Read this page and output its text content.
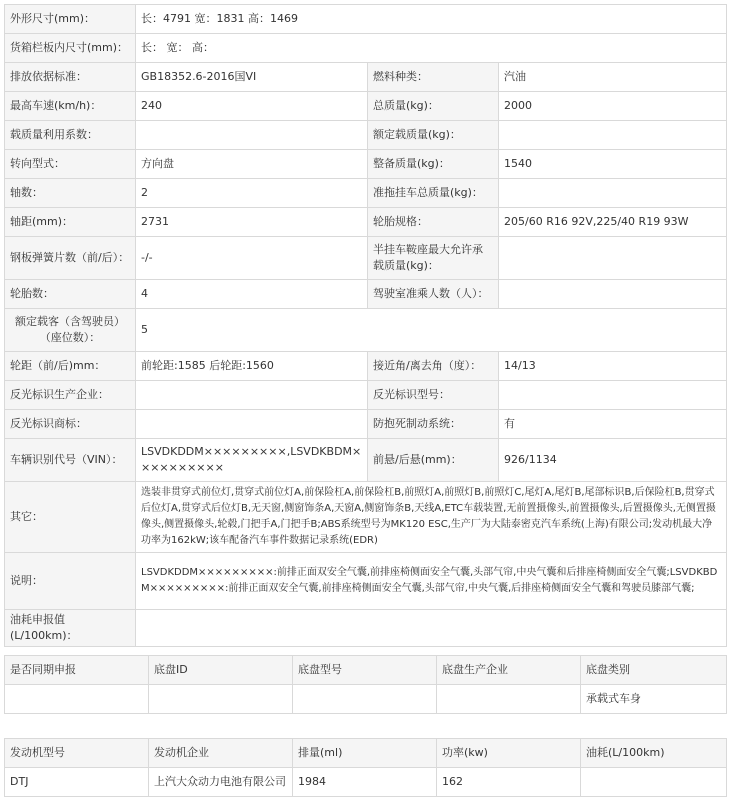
外形尺寸(mm)：	长：4791 宽：1831 高：1469		
货箱栏板内尺寸(mm)：	长： 宽： 高：		
排放依据标准：	GB18352.6-2016国VI	燃料种类：	汽油
最高车速(km/h)：	240	总质量(kg)：	2000
载质量利用系数：		额定载质量(kg)：	
转向型式：	方向盘	整备质量(kg)：	1540
轴数：	2	准拖挂车总质量(kg)：	
轴距(mm)：	2731	轮胎规格：	205/60 R16 92V,225/40 R19 93W
钢板弹簧片数（前/后）：	-/-	半挂车鞍座最大允许承载质量(kg)：	
轮胎数：	4	驾驶室准乘人数（人）：	
额定载客（含驾驶员）（座位数）：	5		
轮距（前/后)mm：	前轮距:1585 后轮距:1560	接近角/离去角（度）：	14/13
反光标识生产企业：		反光标识型号：	
反光标识商标：		防抱死制动系统：	有
车辆识别代号（VIN）：	LSVDKDDM×××××××××,LSVDKBDM××××××××××	前悬/后悬(mm)：	926/1134
其它：	选装非贯穿式前位灯,贯穿式前位灯A,前保险杠A,前保险杠B,前照灯A,前照灯B,前照灯C,尾灯A,尾灯B,尾部标识B,后保险杠B,贯穿式后位灯A,贯穿式后位灯B,无天窗,侧窗饰条A,天窗A,侧窗饰条B,天线A,ETC车载装置,无前置摄像头,前置摄像头,后置摄像头,无侧置摄像头,侧置摄像头,轮毂,门把手A,门把手B;ABS系统型号为MK120 ESC,生产厂为大陆泰密克汽车系统(上海)有限公司;发动机最大净功率为162kW;该车配备汽车事件数据记录系统(EDR)		
说明：	LSVDKDDM×××××××××:前排正面双安全气囊,前排座椅侧面安全气囊,头部气帘,中央气囊和后排座椅侧面安全气囊;LSVDKBDM×××××××××:前排正面双安全气囊,前排座椅侧面安全气囊,头部气帘,中央气囊,后排座椅侧面安全气囊和驾驶员膝部气囊;		
油耗申报值(L/100km)：			
是否同期申报	底盘ID	底盘型号	底盘生产企业	底盘类别
				承载式车身
发动机型号	发动机企业	排量(ml)	功率(kw)	油耗(L/100km)
DTJ	上汽大众动力电池有限公司	1984	162	
